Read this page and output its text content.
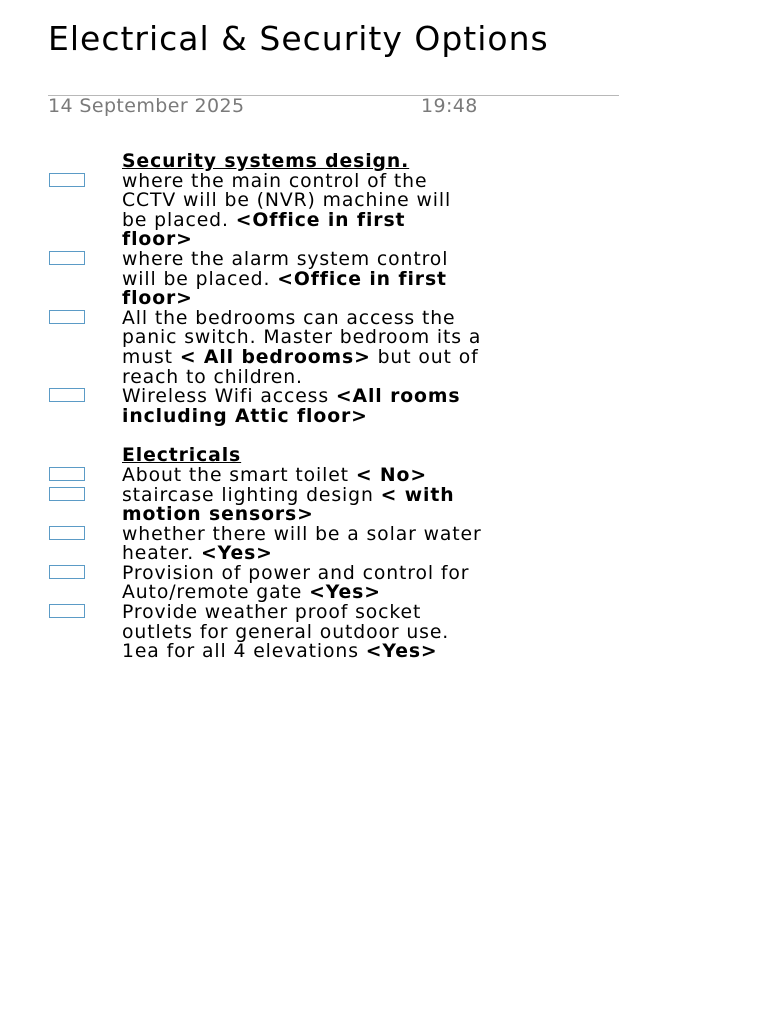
Electrical & Security Options
14 September 2025	19:48

Security systems design.

where the main control of the CCTV will be (NVR) machine will be placed. <Office in first floor>
where the alarm system control will be placed. <Office in first floor>
All the bedrooms can access the panic switch. Master bedroom its a must < All bedrooms> but out of reach to children.
Wireless Wifi access <All rooms including Attic floor>

Electricals

About the smart toilet < No>
staircase lighting design < with motion sensors>
whether there will be a solar water heater. <Yes>
Provision of power and control for Auto/remote gate <Yes>
Provide weather proof socket outlets for general outdoor use. 1ea for all 4 elevations <Yes>
